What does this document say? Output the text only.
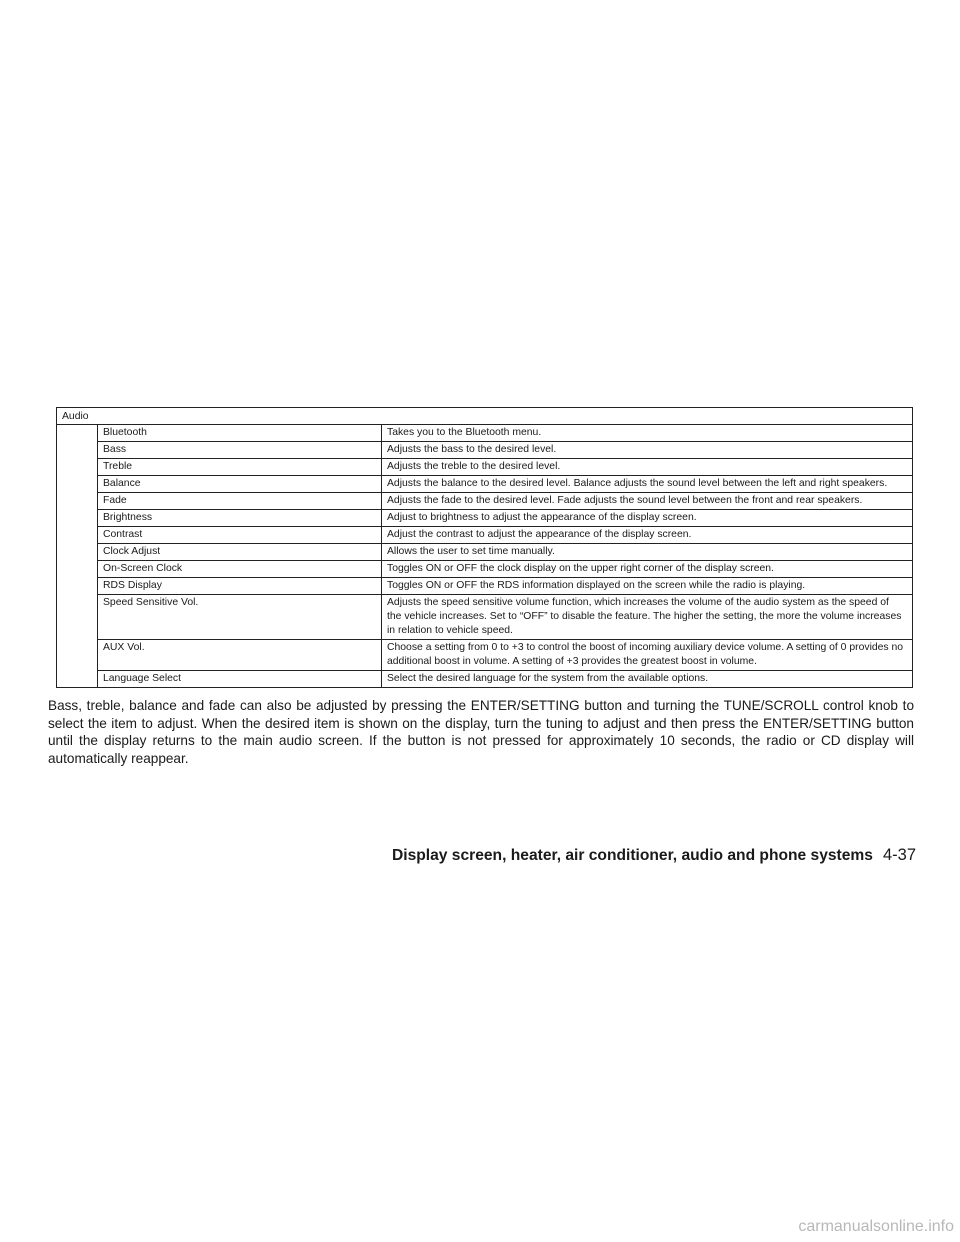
Audio
Bluetooth	Takes you to the Bluetooth menu.
Bass	Adjusts the bass to the desired level.
Treble	Adjusts the treble to the desired level.
Balance	Adjusts the balance to the desired level. Balance adjusts the sound level between the left and right speakers.
Fade	Adjusts the fade to the desired level. Fade adjusts the sound level between the front and rear speakers.
Brightness	Adjust to brightness to adjust the appearance of the display screen.
Contrast	Adjust the contrast to adjust the appearance of the display screen.
Clock Adjust	Allows the user to set time manually.
On-Screen Clock	Toggles ON or OFF the clock display on the upper right corner of the display screen.
RDS Display	Toggles ON or OFF the RDS information displayed on the screen while the radio is playing.
Speed Sensitive Vol.	Adjusts the speed sensitive volume function, which increases the volume of the audio system as the speed of the vehicle increases. Set to “OFF” to disable the feature. The higher the setting, the more the volume increases in relation to vehicle speed.
AUX Vol.	Choose a setting from 0 to +3 to control the boost of incoming auxiliary device volume. A setting of 0 provides no additional boost in volume. A setting of +3 provides the greatest boost in volume.
Language Select	Select the desired language for the system from the available options.

Bass, treble, balance and fade can also be adjusted by pressing the ENTER/SETTING button and turning the TUNE/SCROLL control knob to select the item to adjust. When the desired item is shown on the display, turn the tuning to adjust and then press the ENTER/SETTING button until the display returns to the main audio screen. If the button is not pressed for approximately 10 seconds, the radio or CD display will automatically reappear.

Display screen, heater, air conditioner, audio and phone systems 4-37
carmanualsonline.info
